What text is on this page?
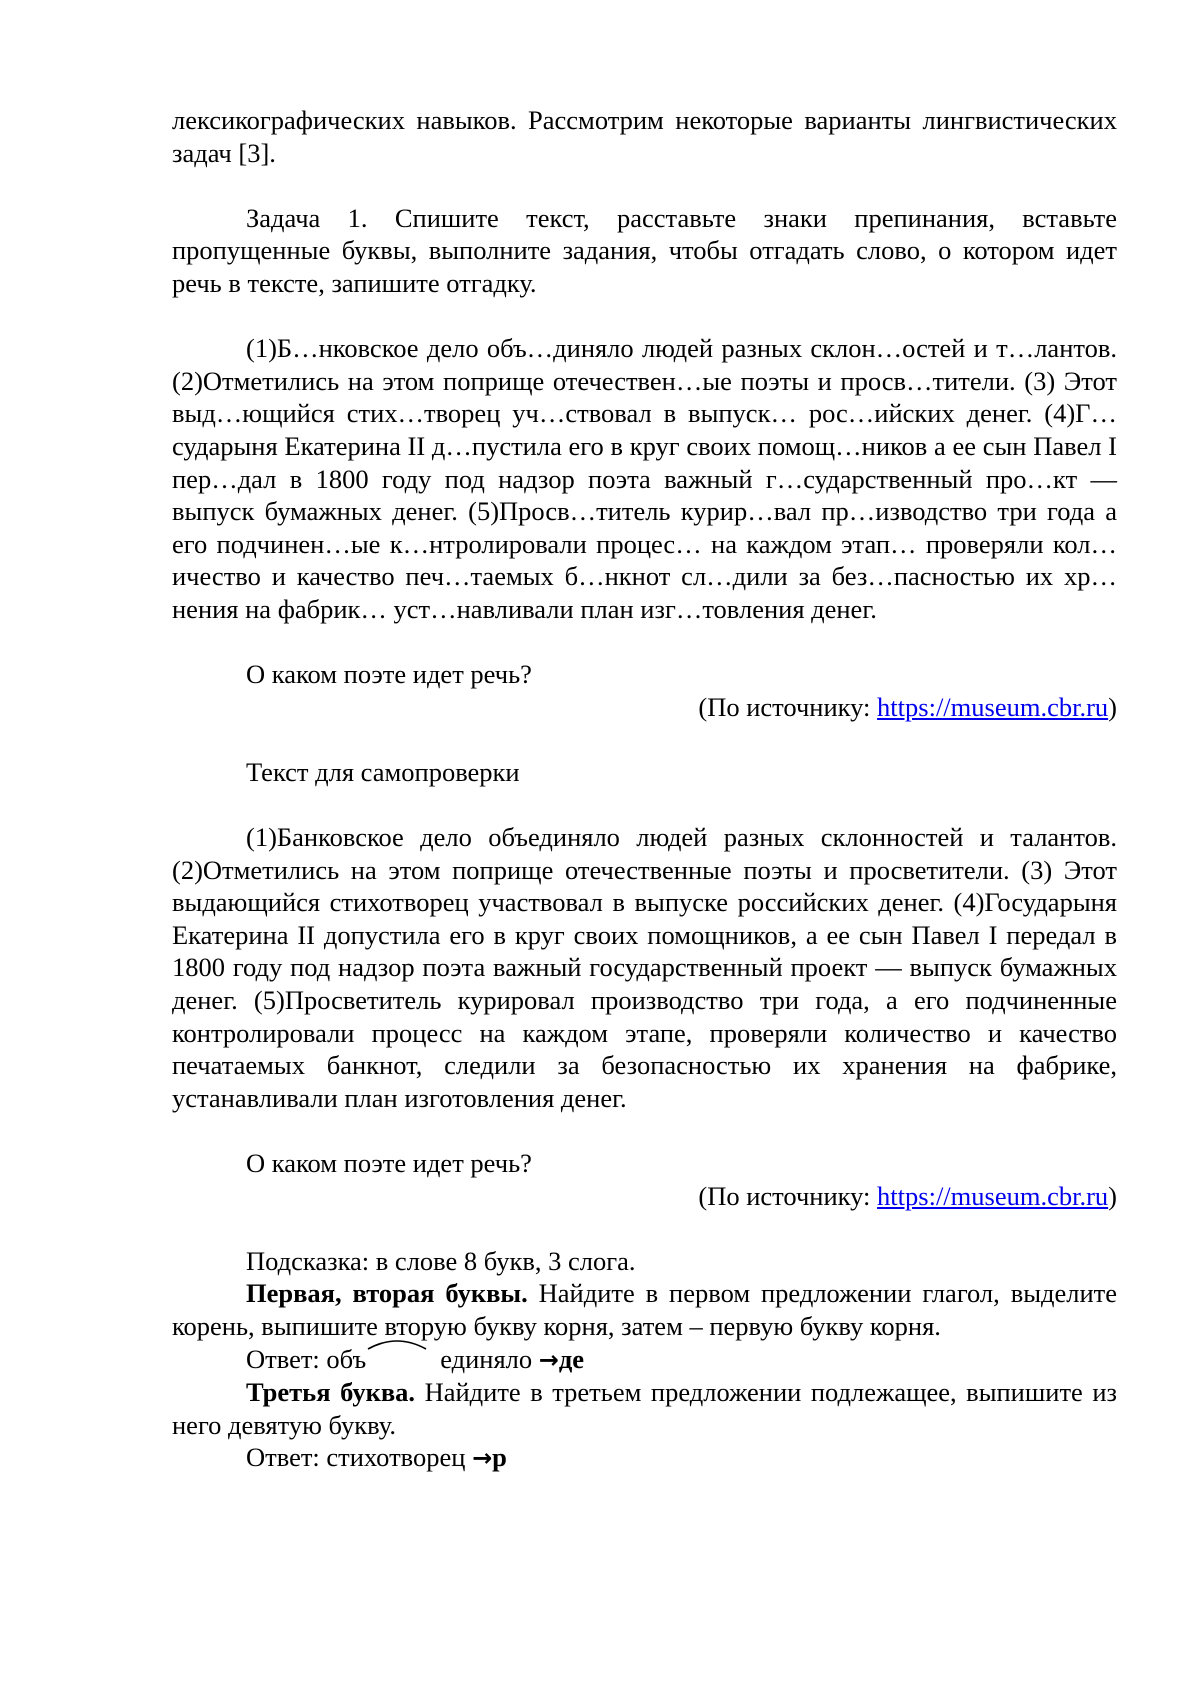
лексикографических навыков. Рассмотрим некоторые варианты лингвистических задач [3].

Задача 1. Спишите текст, расставьте знаки препинания, вставьте пропущенные буквы, выполните задания, чтобы отгадать слово, о котором идет речь в тексте, запишите отгадку.

(1)Б…нковское дело объ…диняло людей разных склон…остей и т…лантов. (2)Отметились на этом поприще отечествен…ые поэты и просв…тители. (3) Этот выд…ющийся стих…творец уч…ствовал в выпуск… рос…ийских денег. (4)Г…сударыня Екатерина II д…пустила его в круг своих помощ…ников а ее сын Павел I пер…дал в 1800 году под надзор поэта важный г…сударственный про…кт — выпуск бумажных денег. (5)Просв…титель курир…вал пр…изводство три года а его подчинен…ые к…нтролировали процес… на каждом этап… проверяли кол…ичество и качество печ…таемых б…нкнот сл…дили за без…пасностью их хр…нения на фабрик… уст…навливали план изг…товления денег.

О каком поэте идет речь?

(По источнику: https://museum.cbr.ru)

Текст для самопроверки

(1)Банковское дело объединяло людей разных склонностей и талантов. (2)Отметились на этом поприще отечественные поэты и просветители. (3) Этот выдающийся стихотворец участвовал в выпуске российских денег. (4)Государыня Екатерина II допустила его в круг своих помощников, а ее сын Павел I передал в 1800 году под надзор поэта важный государственный проект — выпуск бумажных денег. (5)Просветитель курировал производство три года, а его подчиненные контролировали процесс на каждом этапе, проверяли количество и качество печатаемых банкнот, следили за безопасностью их хранения на фабрике, устанавливали план изготовления денег.

О каком поэте идет речь?

(По источнику: https://museum.cbr.ru)

Подсказка: в слове 8 букв, 3 слога.

Первая, вторая буквы. Найдите в первом предложении глагол, выделите корень, выпишите вторую букву корня, затем – первую букву корня.

Ответ: объ	единяло →де

Третья буква. Найдите в третьем предложении подлежащее, выпишите из него девятую букву.

Ответ: стихотворец →р
